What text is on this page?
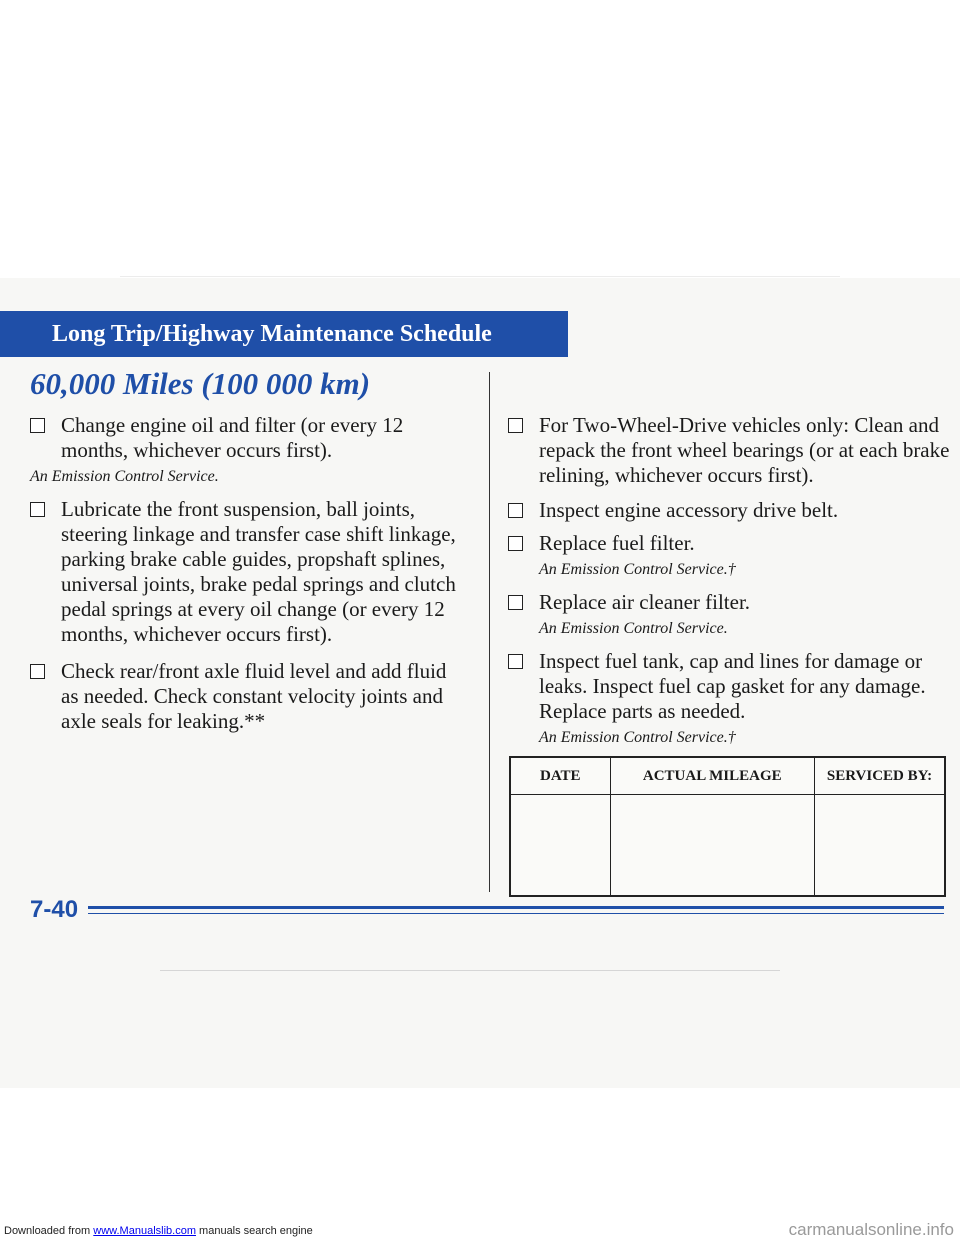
Long Trip/Highway Maintenance Schedule
60,000 Miles (100 000 km)
Change engine oil and filter (or every 12 months, whichever occurs first).
An Emission Control Service.
Lubricate the front suspension, ball joints, steering linkage and transfer case shift linkage, parking brake cable guides, propshaft splines, universal joints, brake pedal springs and clutch pedal springs at every oil change (or every 12 months, whichever occurs first).
Check rear/front axle fluid level and add fluid as needed. Check constant velocity joints and axle seals for leaking.**
For Two-Wheel-Drive vehicles only: Clean and repack the front wheel bearings (or at each brake relining, whichever occurs first).
Inspect engine accessory drive belt.
Replace fuel filter.
An Emission Control Service.†
Replace air cleaner filter.
An Emission Control Service.
Inspect fuel tank, cap and lines for damage or leaks. Inspect fuel cap gasket for any damage. Replace parts as needed.
An Emission Control Service.†
DATE	ACTUAL MILEAGE	SERVICED BY:

7-40
Downloaded from www.Manualslib.com manuals search engine	carmanualsonline.info
